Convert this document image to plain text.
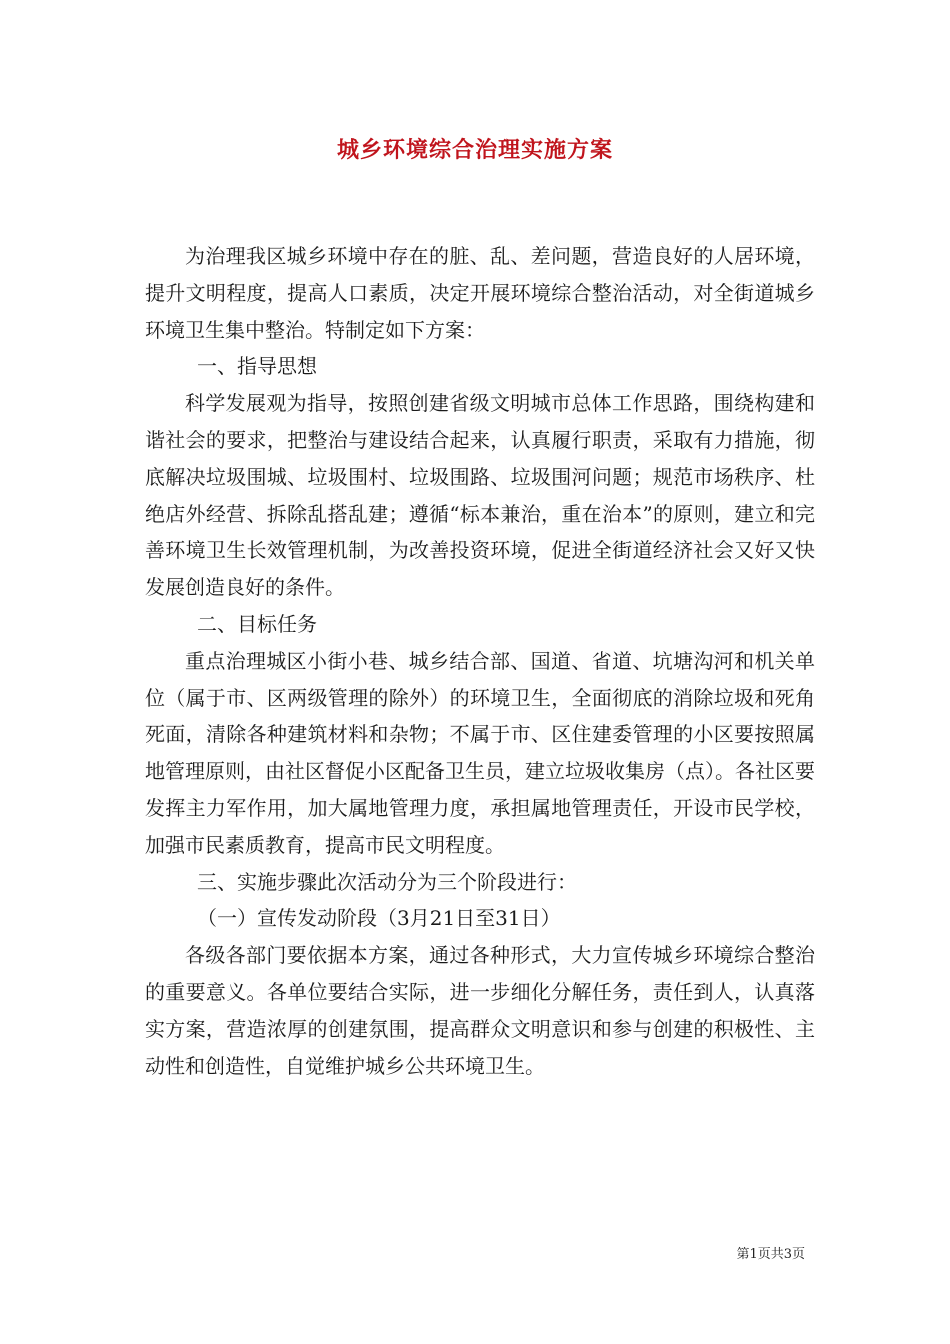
城乡环境综合治理实施方案

为治理我区城乡环境中存在的脏、乱、差问题，营造良好的人居环境，提升文明程度，提高人口素质，决定开展环境综合整治活动，对全街道城乡环境卫生集中整治。特制定如下方案：

一、指导思想

科学发展观为指导，按照创建省级文明城市总体工作思路，围绕构建和谐社会的要求，把整治与建设结合起来，认真履行职责，采取有力措施，彻底解决垃圾围城、垃圾围村、垃圾围路、垃圾围河问题；规范市场秩序、杜绝店外经营、拆除乱搭乱建；遵循“标本兼治，重在治本”的原则，建立和完善环境卫生长效管理机制，为改善投资环境，促进全街道经济社会又好又快发展创造良好的条件。

二、目标任务

重点治理城区小街小巷、城乡结合部、国道、省道、坑塘沟河和机关单位（属于市、区两级管理的除外）的环境卫生，全面彻底的消除垃圾和死角死面，清除各种建筑材料和杂物；不属于市、区住建委管理的小区要按照属地管理原则，由社区督促小区配备卫生员，建立垃圾收集房（点）。各社区要发挥主力军作用，加大属地管理力度，承担属地管理责任，开设市民学校，加强市民素质教育，提高市民文明程度。

三、实施步骤此次活动分为三个阶段进行：

（一）宣传发动阶段（3月21日至31日）

各级各部门要依据本方案，通过各种形式，大力宣传城乡环境综合整治的重要意义。各单位要结合实际，进一步细化分解任务，责任到人，认真落实方案，营造浓厚的创建氛围，提高群众文明意识和参与创建的积极性、主动性和创造性，自觉维护城乡公共环境卫生。

第1页共3页
